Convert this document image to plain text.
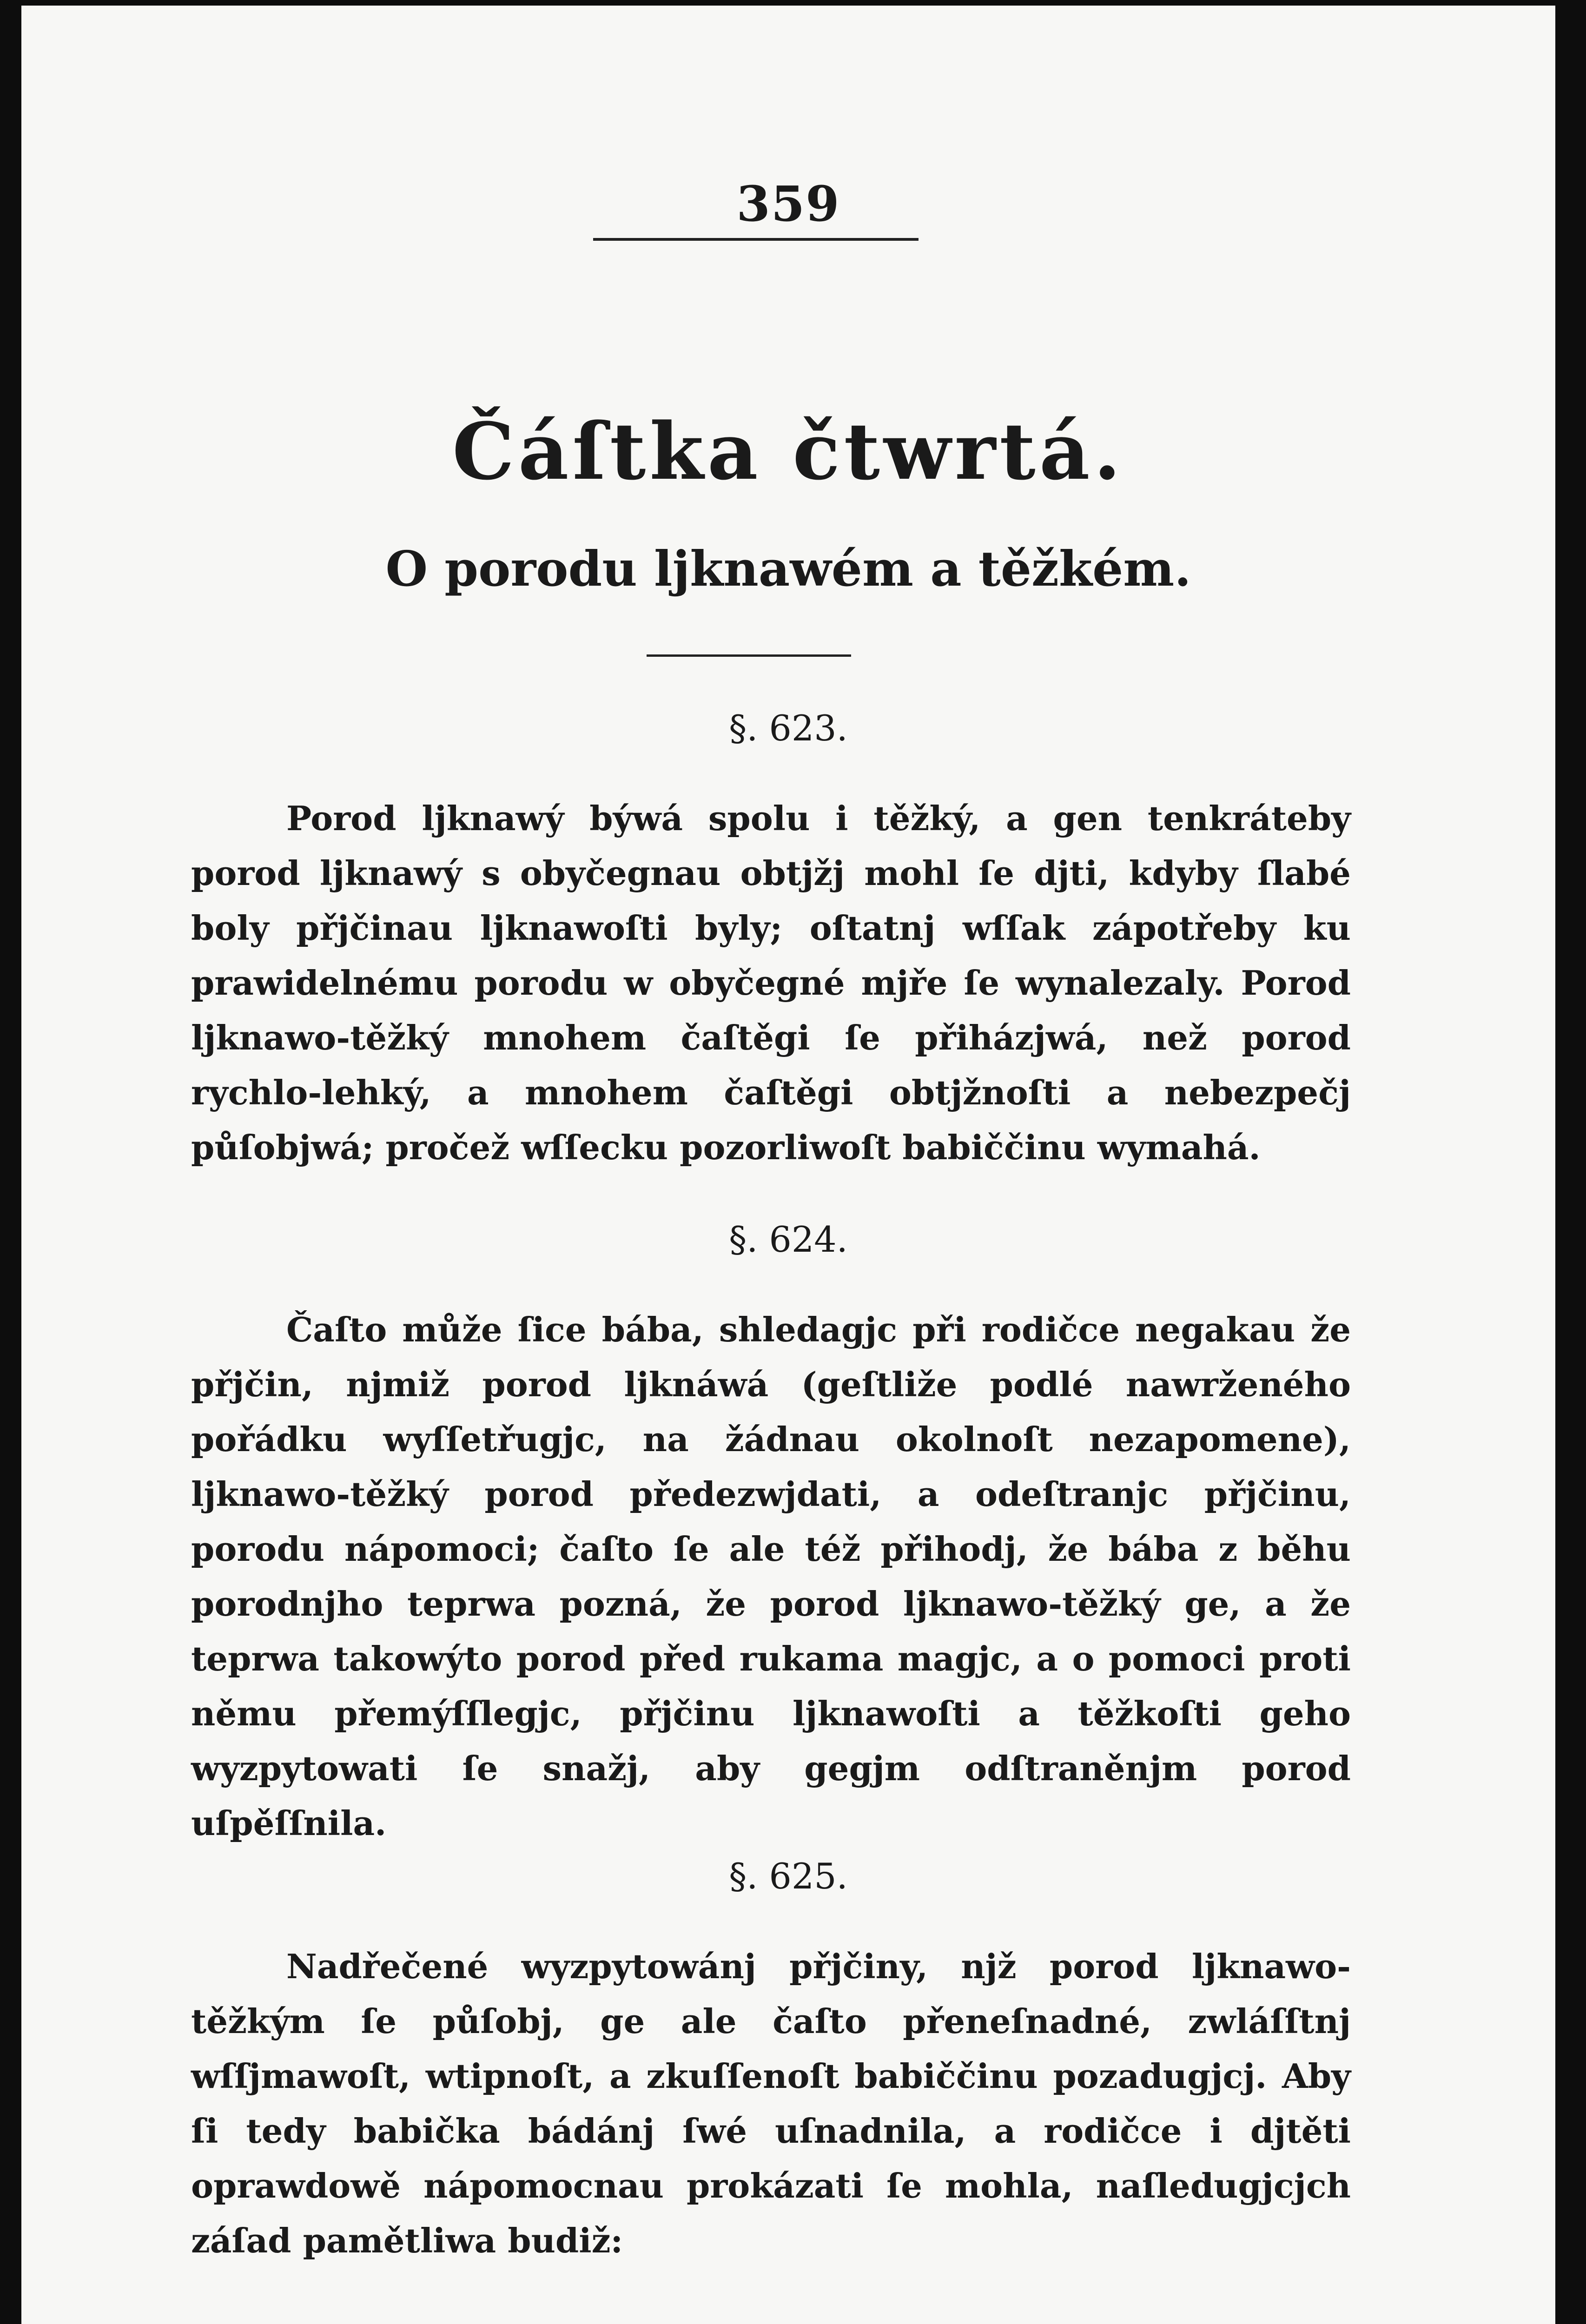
359
Čáſtka čtwrtá.
O porodu ljknawém a těžkém.
§. 623.

Porod ljknawý býwá spolu i těžký, a gen tenkráteby porod ljknawý s obyčegnau obtjžj mohl ſe djti, kdyby ſlabé boly přjčinau ljknawoſti byly; oſtatnj wſſak zápotřeby ku prawidelnému porodu w obyčegné mjře ſe wynalezaly. Porod ljknawo-těžký mnohem čaſtěgi ſe přiházjwá, než porod rychlo-lehký, a mnohem čaſtěgi obtjžnoſti a nebezpečj půſobjwá; pročež wſſecku pozorliwoſt babiččinu wymahá.

§. 624.

Čaſto může ſice bába, shledagjc při rodičce negakau že přjčin, njmiž porod ljknáwá (geſtliže podlé nawrženého pořádku wyſſetřugjc, na žádnau okolnoſt nezapomene), ljknawo-těžký porod předezwjdati, a odeſtranjc přjčinu, porodu nápomoci; čaſto ſe ale též přihodj, že bába z běhu porodnjho teprwa pozná, že porod ljknawo-těžký ge, a že teprwa takowýto porod před rukama magjc, a o pomoci proti němu přemýſſlegjc, přjčinu ljknawoſti a těžkoſti geho wyzpytowati ſe snažj, aby gegjm odſtraněnjm porod uſpěſſnila.

§. 625.

Nadřečené wyzpytowánj přjčiny, njž porod ljknawo-těžkým ſe půſobj, ge ale čaſto přeneſnadné, zwláſſtnj wſſjmawoſt, wtipnoſt, a zkuſſenoſt babiččinu pozadugjcj. Aby ſi tedy babička bádánj ſwé uſnadnila, a rodičce i djtěti oprawdowě nápomocnau prokázati ſe mohla, naſledugjcjch záſad pamětliwa budiž:
